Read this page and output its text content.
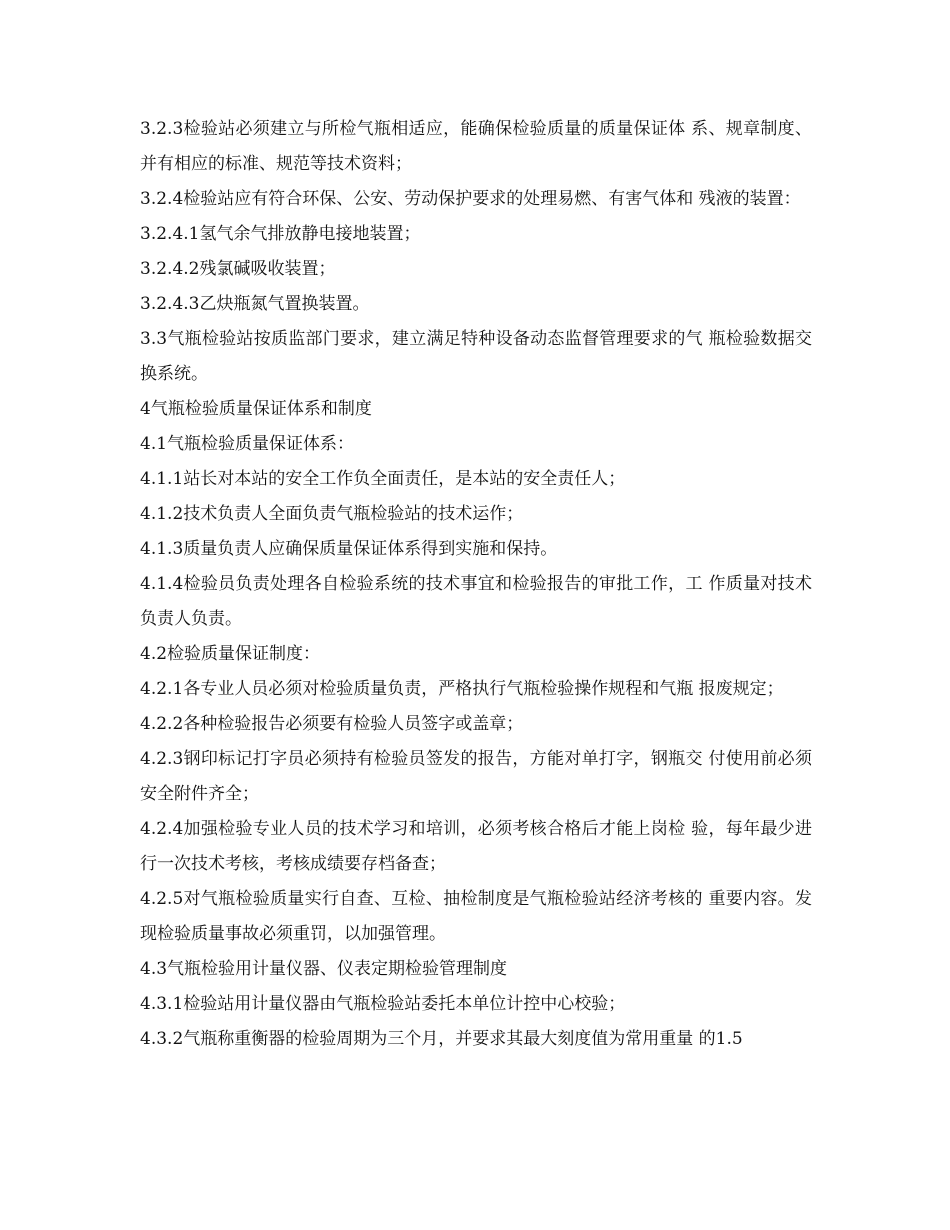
3.2.3检验站必须建立与所检气瓶相适应，能确保检验质量的质量保证体 系、规章制度、并有相应的标准、规范等技术资料；

3.2.4检验站应有符合环保、公安、劳动保护要求的处理易燃、有害气体和 残液的装置：

3.2.4.1氢气余气排放静电接地装置；

3.2.4.2残氯碱吸收装置；

3.2.4.3乙炔瓶氮气置换装置。

3.3气瓶检验站按质监部门要求，建立满足特种设备动态监督管理要求的气 瓶检验数据交换系统。

4气瓶检验质量保证体系和制度

4.1气瓶检验质量保证体系：

4.1.1站长对本站的安全工作负全面责任，是本站的安全责任人；

4.1.2技术负责人全面负责气瓶检验站的技术运作；

4.1.3质量负责人应确保质量保证体系得到实施和保持。

4.1.4检验员负责处理各自检验系统的技术事宜和检验报告的审批工作，工 作质量对技术负责人负责。

4.2检验质量保证制度：

4.2.1各专业人员必须对检验质量负责，严格执行气瓶检验操作规程和气瓶 报废规定；

4.2.2各种检验报告必须要有检验人员签字或盖章；

4.2.3钢印标记打字员必须持有检验员签发的报告，方能对单打字，钢瓶交 付使用前必须安全附件齐全；

4.2.4加强检验专业人员的技术学习和培训，必须考核合格后才能上岗检 验，每年最少进行一次技术考核，考核成绩要存档备查；

4.2.5对气瓶检验质量实行自查、互检、抽检制度是气瓶检验站经济考核的 重要内容。发现检验质量事故必须重罚，以加强管理。

4.3气瓶检验用计量仪器、仪表定期检验管理制度

4.3.1检验站用计量仪器由气瓶检验站委托本单位计控中心校验；

4.3.2气瓶称重衡器的检验周期为三个月，并要求其最大刻度值为常用重量 的1.5
